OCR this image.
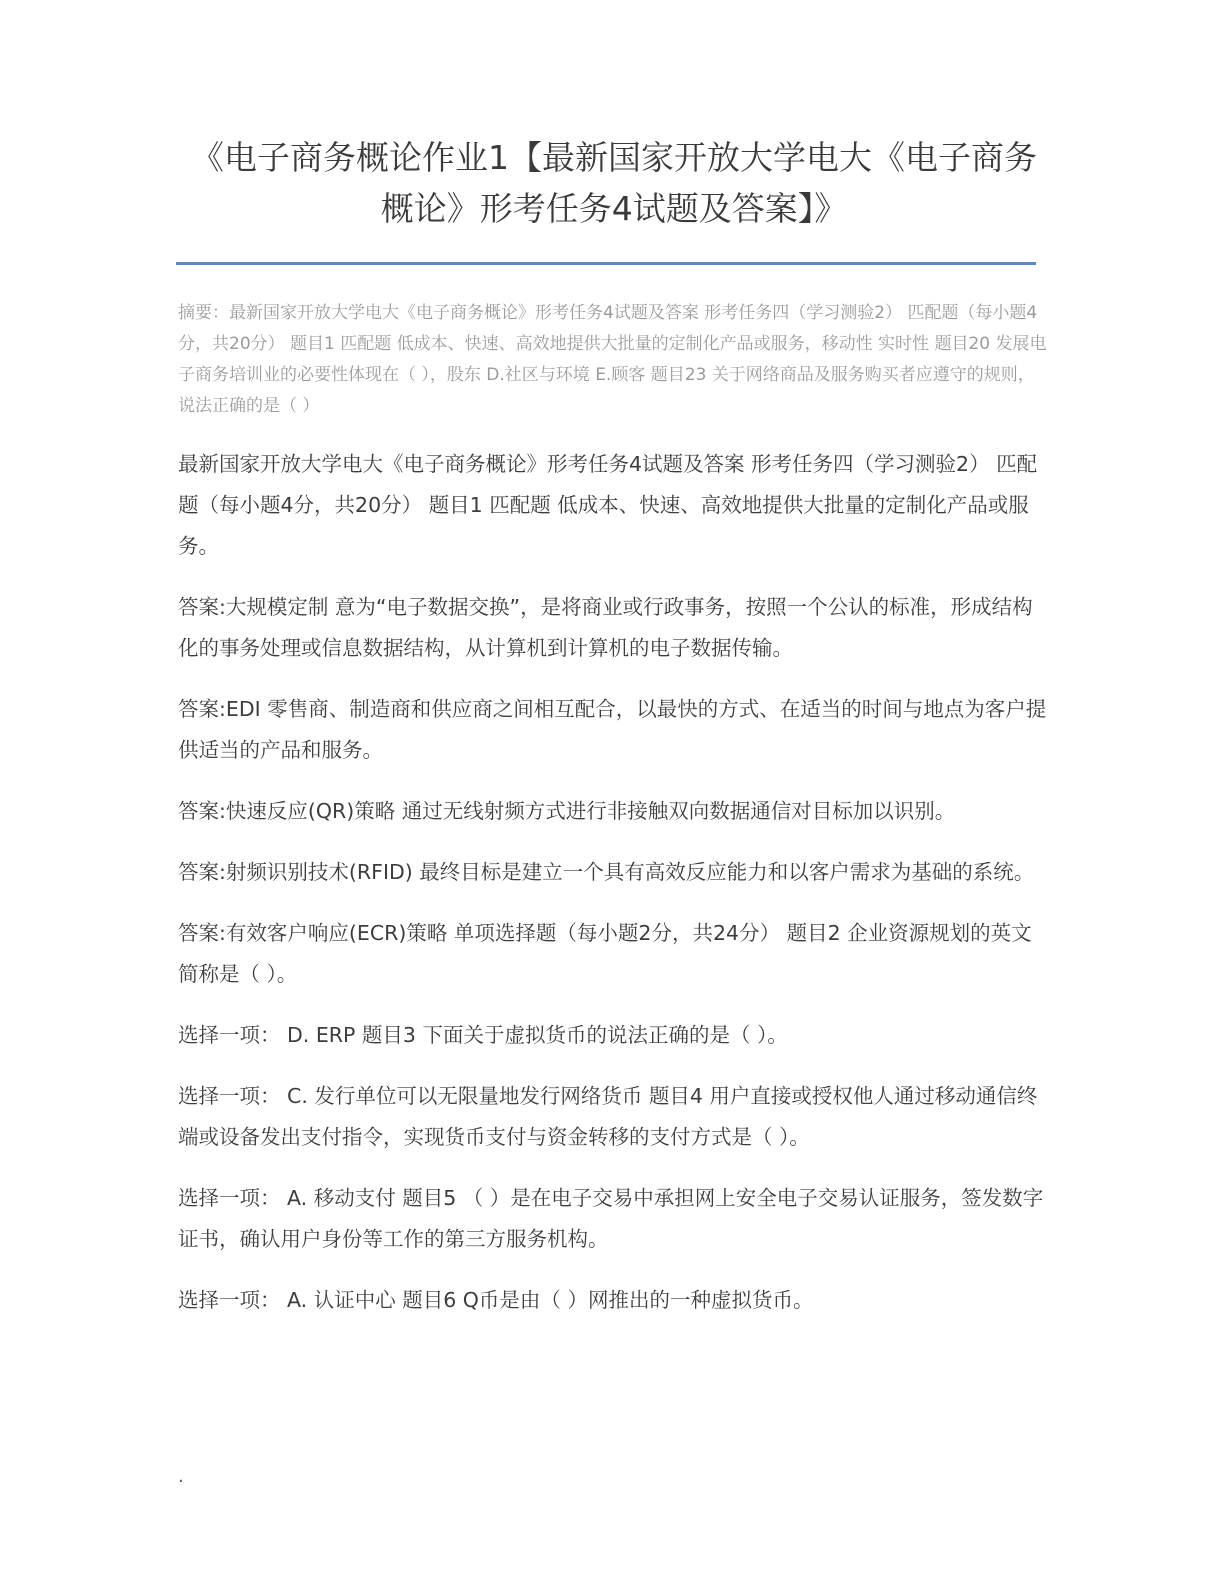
《电子商务概论作业1【最新国家开放大学电大《电子商务概论》形考任务4试题及答案】》
摘要：最新国家开放大学电大《电子商务概论》形考任务4试题及答案 形考任务四（学习测验2） 匹配题（每小题4分，共20分） 题目1 匹配题 低成本、快速、高效地提供大批量的定制化产品或服务，移动性 实时性 题目20 发展电子商务培训业的必要性体现在（ ），股东 D.社区与环境 E.顾客 题目23 关于网络商品及服务购买者应遵守的规则，说法正确的是（ ）

最新国家开放大学电大《电子商务概论》形考任务4试题及答案 形考任务四（学习测验2） 匹配题（每小题4分，共20分） 题目1 匹配题 低成本、快速、高效地提供大批量的定制化产品或服务。

答案:大规模定制 意为“电子数据交换”，是将商业或行政事务，按照一个公认的标准，形成结构化的事务处理或信息数据结构，从计算机到计算机的电子数据传输。

答案:EDI 零售商、制造商和供应商之间相互配合，以最快的方式、在适当的时间与地点为客户提供适当的产品和服务。

答案:快速反应(QR)策略 通过无线射频方式进行非接触双向数据通信对目标加以识别。

答案:射频识别技术(RFID) 最终目标是建立一个具有高效反应能力和以客户需求为基础的系统。

答案:有效客户响应(ECR)策略 单项选择题（每小题2分，共24分） 题目2 企业资源规划的英文简称是（ ）。

选择一项： D. ERP 题目3 下面关于虚拟货币的说法正确的是（ ）。

选择一项： C. 发行单位可以无限量地发行网络货币 题目4 用户直接或授权他人通过移动通信终端或设备发出支付指令，实现货币支付与资金转移的支付方式是（ ）。

选择一项： A. 移动支付 题目5 （ ）是在电子交易中承担网上安全电子交易认证服务，签发数字证书，确认用户身份等工作的第三方服务机构。

选择一项： A. 认证中心 题目6 Q币是由（ ）网推出的一种虚拟货币。

.
